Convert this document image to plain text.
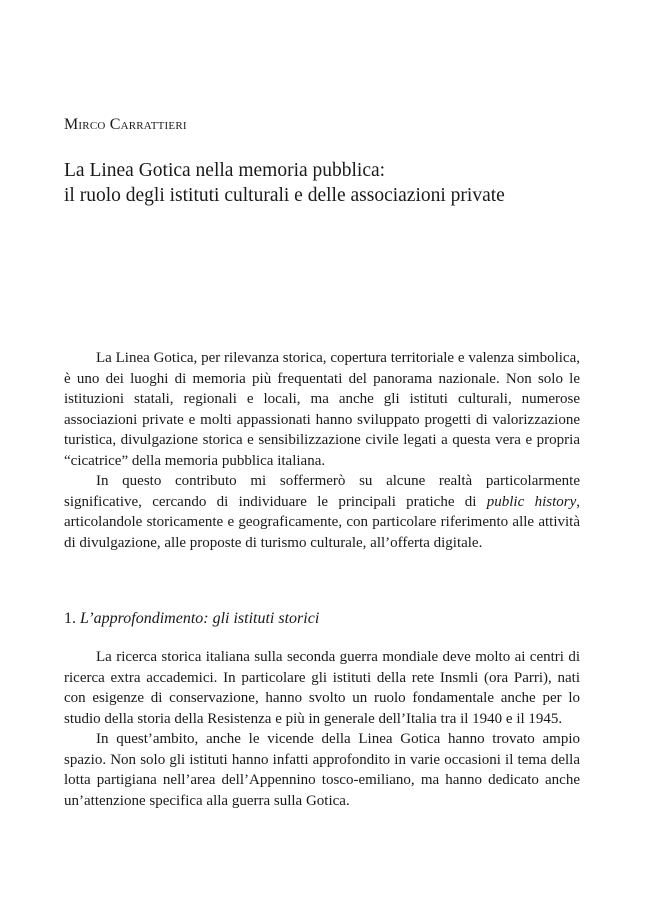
Mirco Carrattieri
La Linea Gotica nella memoria pubblica:
il ruolo degli istituti culturali e delle associazioni private

La Linea Gotica, per rilevanza storica, copertura territoriale e valenza simbolica, è uno dei luoghi di memoria più frequentati del panorama nazionale. Non solo le istituzioni statali, regionali e locali, ma anche gli istituti culturali, numerose associazioni private e molti appassionati hanno sviluppato progetti di valorizzazione turistica, divulgazione storica e sensibilizzazione civile legati a questa vera e propria “cicatrice” della memoria pubblica italiana.

In questo contributo mi soffermerò su alcune realtà particolarmente significative, cercando di individuare le principali pratiche di public history, articolandole storicamente e geograficamente, con particolare riferimento alle attività di divulgazione, alle proposte di turismo culturale, all’offerta digitale.

1. L’approfondimento: gli istituti storici

La ricerca storica italiana sulla seconda guerra mondiale deve molto ai centri di ricerca extra accademici. In particolare gli istituti della rete Insmli (ora Parri), nati con esigenze di conservazione, hanno svolto un ruolo fondamentale anche per lo studio della storia della Resistenza e più in generale dell’Italia tra il 1940 e il 1945.

In quest’ambito, anche le vicende della Linea Gotica hanno trovato ampio spazio. Non solo gli istituti hanno infatti approfondito in varie occasioni il tema della lotta partigiana nell’area dell’Appennino tosco-emiliano, ma hanno dedicato anche un’attenzione specifica alla guerra sulla Gotica.
